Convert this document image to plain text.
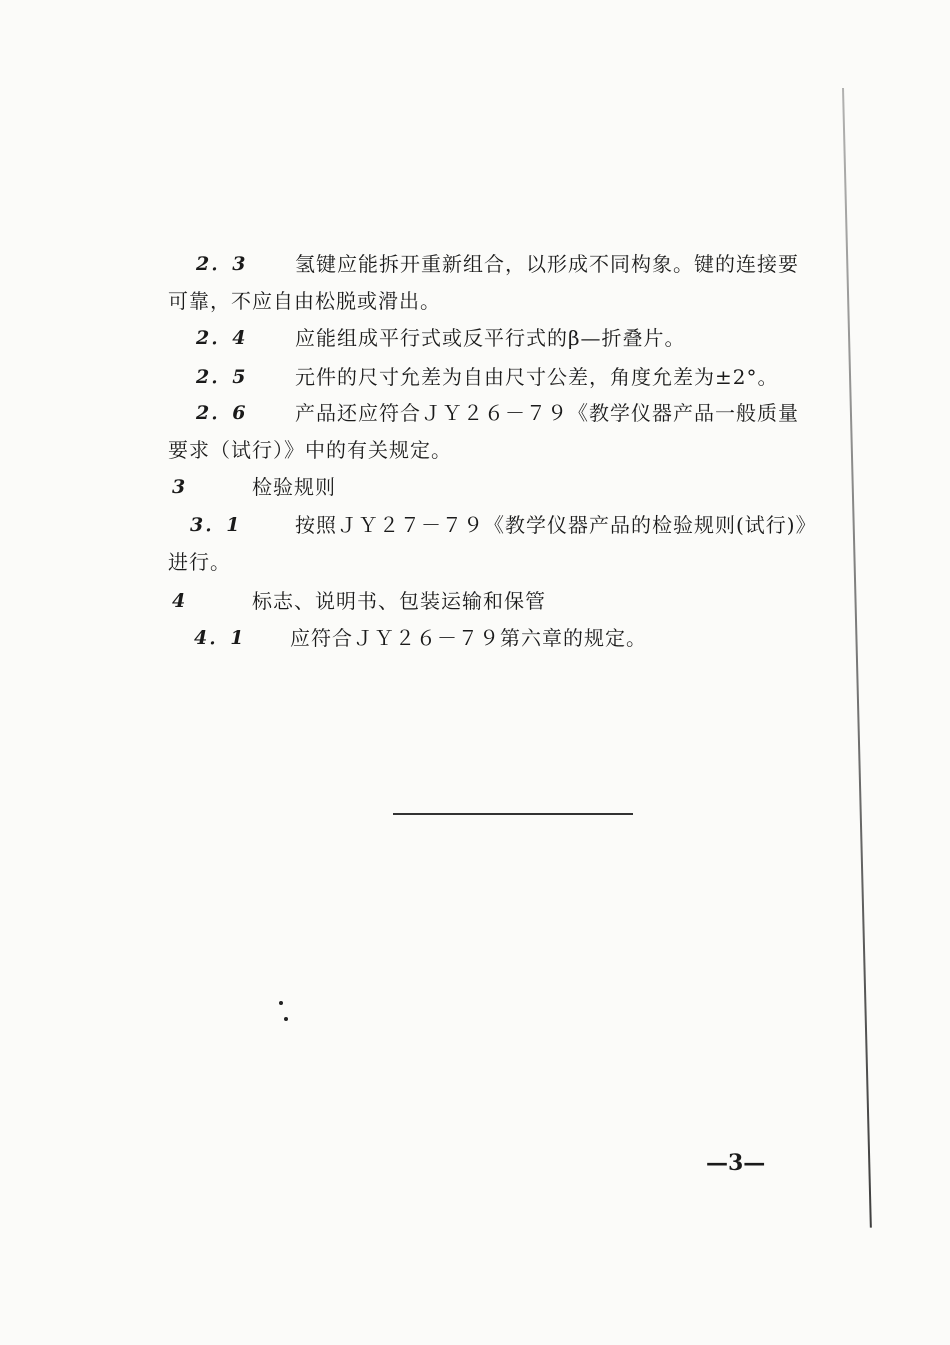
2．3 氢键应能拆开重新组合，以形成不同构象。键的连接要
可靠，不应自由松脱或滑出。
2．4 应能组成平行式或反平行式的β—折叠片。
2．5 元件的尺寸允差为自由尺寸公差，角度允差为±2°。
2．6 产品还应符合ＪＹ２６－７９《教学仪器产品一般质量
要求（试行）》中的有关规定。
3	检验规则
3．1	按照ＪＹ２７－７９《教学仪器产品的检验规则(试行)》
进行。
4	标志、说明书、包装运输和保管
4．1 应符合ＪＹ２６－７９第六章的规定。
—3—
